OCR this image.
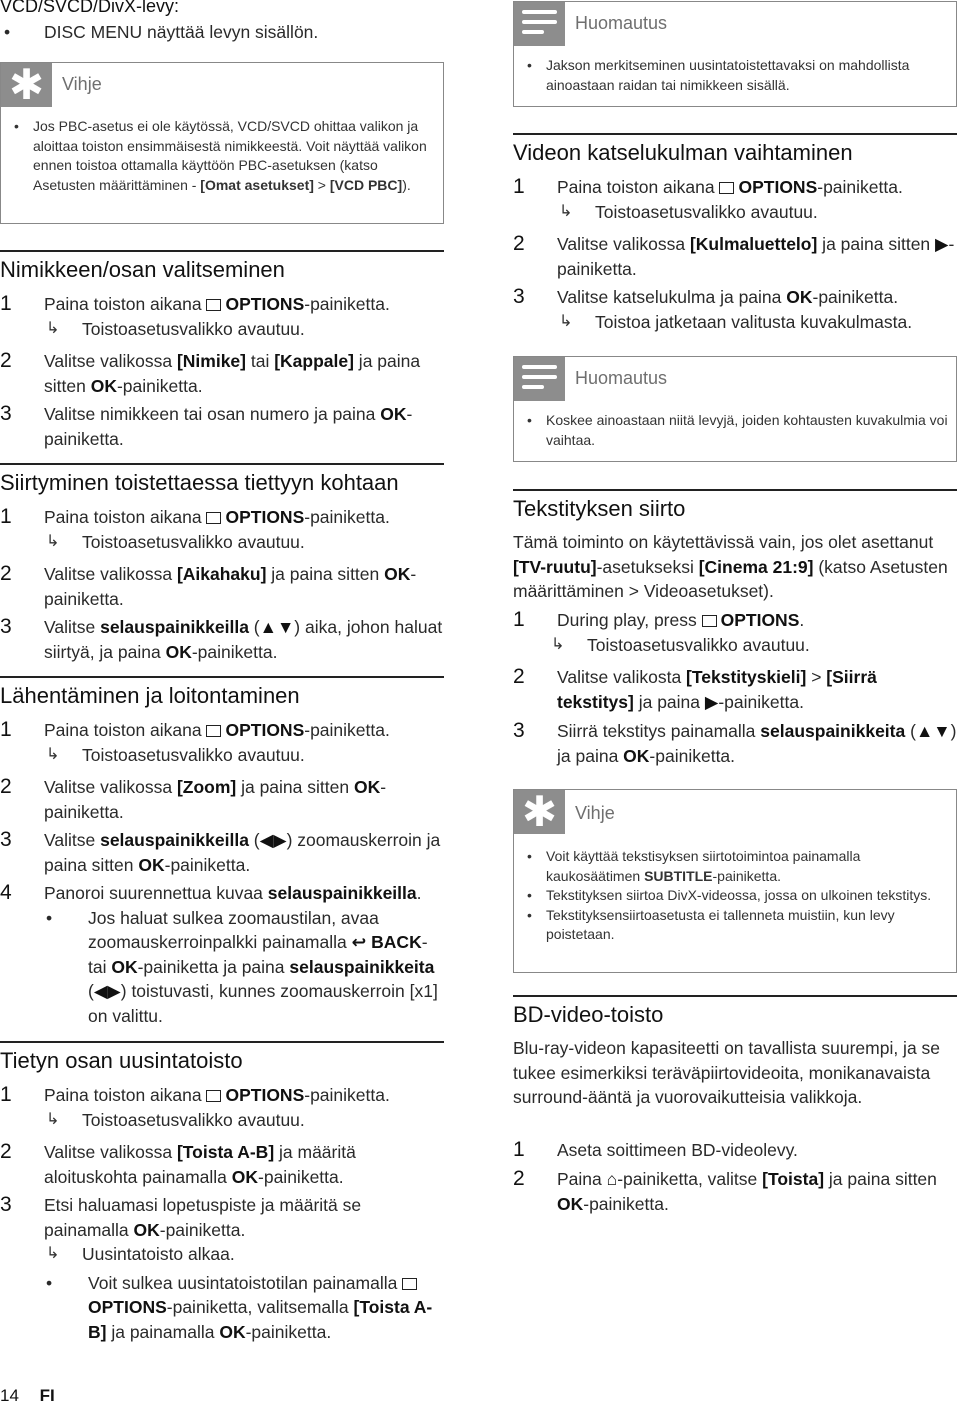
VCD/SVCD/DivX-levy:
• DISC MENU näyttää levyn sisällön.
✱ Vihje
• Jos PBC-asetus ei ole käytössä, VCD/SVCD ohittaa valikon ja aloittaa toiston ensimmäisestä nimikkeestä. Voit näyttää valikon ennen toistoa ottamalla käyttöön PBC-asetuksen (katso Asetusten määrittäminen - [Omat asetukset] > [VCD PBC]).
Nimikkeen/osan valitseminen
1 Paina toiston aikana OPTIONS-painiketta.
↳	Toistoasetusvalikko avautuu.
2 Valitse valikossa [Nimike] tai [Kappale] ja paina sitten OK-painiketta.
3 Valitse nimikkeen tai osan numero ja paina OK-painiketta.
Siirtyminen toistettaessa tiettyyn kohtaan
1 Paina toiston aikana OPTIONS-painiketta.
↳	Toistoasetusvalikko avautuu.
2 Valitse valikossa [Aikahaku] ja paina sitten OK-painiketta.
3 Valitse selauspainikkeilla (▲▼) aika, johon haluat siirtyä, ja paina OK-painiketta.
Lähentäminen ja loitontaminen
1 Paina toiston aikana OPTIONS-painiketta.
↳	Toistoasetusvalikko avautuu.
2 Valitse valikossa [Zoom] ja paina sitten OK-painiketta.
3 Valitse selauspainikkeilla (◀▶) zoomauskerroin ja paina sitten OK-painiketta.
4 Panoroi suurennettua kuvaa selauspainikkeilla.
• Jos haluat sulkea zoomaustilan, avaa zoomauskerroinpalkki painamalla ↩ BACK- tai OK-painiketta ja paina selauspainikkeita (◀▶) toistuvasti, kunnes zoomauskerroin [x1] on valittu.
Tietyn osan uusintatoisto
1 Paina toiston aikana OPTIONS-painiketta.
↳	Toistoasetusvalikko avautuu.
2 Valitse valikossa [Toista A-B] ja määritä aloituskohta painamalla OK-painiketta.
3 Etsi haluamasi lopetuspiste ja määritä se painamalla OK-painiketta.
↳	Uusintatoisto alkaa.
• Voit sulkea uusintatoistotilan painamalla OPTIONS-painiketta, valitsemalla [Toista A-B] ja painamalla OK-painiketta.
14 FI
Huomautus
• Jakson merkitseminen uusintatoistettavaksi on mahdollista ainoastaan raidan tai nimikkeen sisällä.
Videon katselukulman vaihtaminen
1 Paina toiston aikana OPTIONS-painiketta.
↳	Toistoasetusvalikko avautuu.
2 Valitse valikossa [Kulmaluettelo] ja paina sitten ▶-painiketta.
3 Valitse katselukulma ja paina OK-painiketta.
↳	Toistoa jatketaan valitusta kuvakulmasta.
Huomautus
• Koskee ainoastaan niitä levyjä, joiden kohtausten kuvakulmia voi vaihtaa.
Tekstityksen siirto
Tämä toiminto on käytettävissä vain, jos olet asettanut [TV-ruutu]-asetukseksi [Cinema 21:9] (katso Asetusten määrittäminen > Videoasetukset).
1 During play, press OPTIONS.
↳	Toistoasetusvalikko avautuu.
2 Valitse valikosta [Tekstityskieli] > [Siirrä tekstitys] ja paina ▶-painiketta.
3 Siirrä tekstitys painamalla selauspainikkeita (▲▼) ja paina OK-painiketta.
✱ Vihje
• Voit käyttää tekstisyksen siirtotoimintoa painamalla kaukosäätimen SUBTITLE-painiketta.
• Tekstityksen siirtoa DivX-videossa, jossa on ulkoinen tekstitys.
• Tekstityksensiirtoasetusta ei tallenneta muistiin, kun levy poistetaan.
BD-video-toisto
Blu-ray-videon kapasiteetti on tavallista suurempi, ja se tukee esimerkiksi teräväpiirtovideoita, monikanavaista surround-ääntä ja vuorovaikutteisia valikkoja.
1 Aseta soittimeen BD-videolevy.
2 Paina ⌂-painiketta, valitse [Toista] ja paina sitten OK-painiketta.
